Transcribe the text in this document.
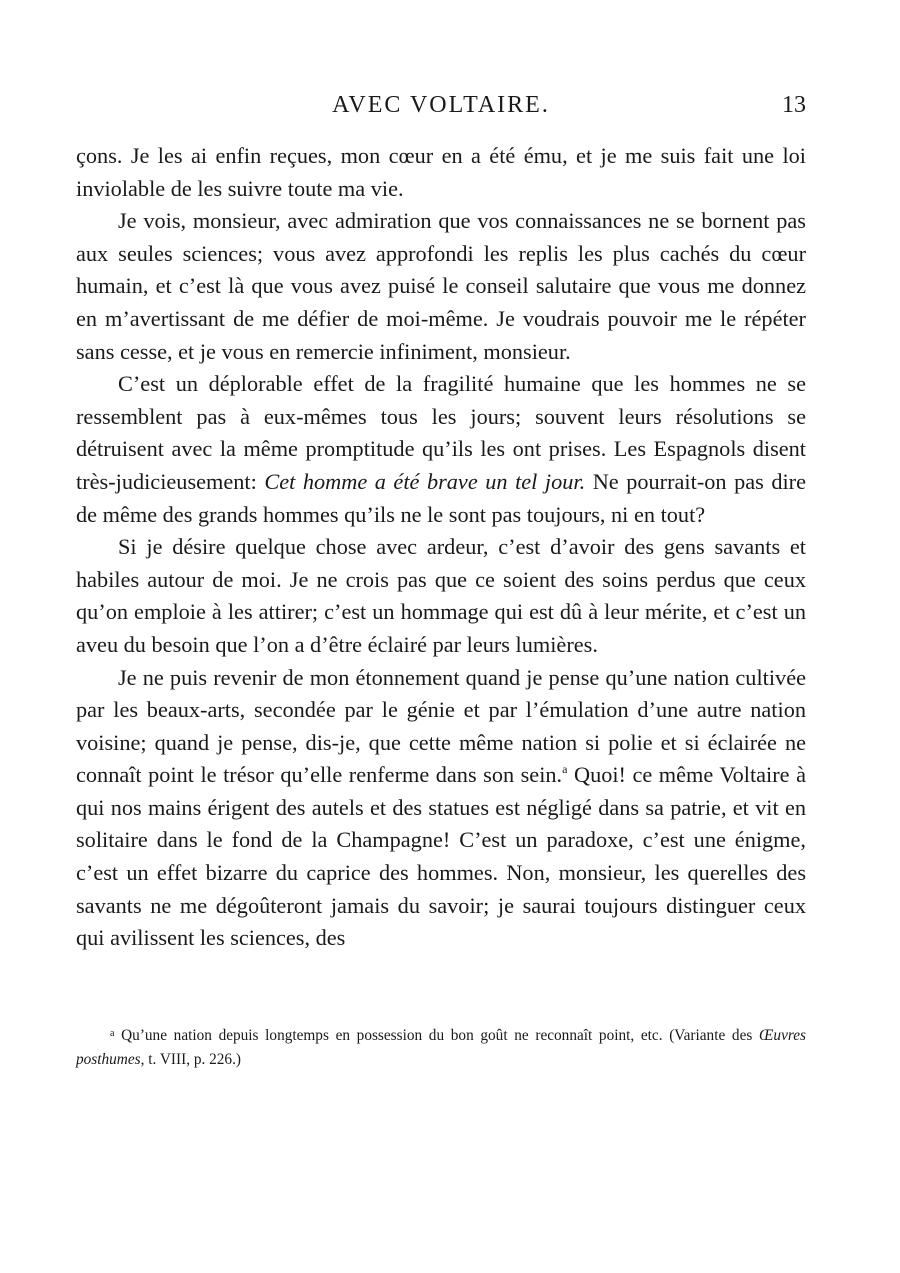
AVEC VOLTAIRE.	13

çons. Je les ai enfin reçues, mon cœur en a été ému, et je me suis fait une loi inviolable de les suivre toute ma vie.

Je vois, monsieur, avec admiration que vos connaissances ne se bornent pas aux seules sciences; vous avez approfondi les replis les plus cachés du cœur humain, et c’est là que vous avez puisé le conseil salutaire que vous me donnez en m’avertissant de me défier de moi-même. Je voudrais pouvoir me le répéter sans cesse, et je vous en remercie infiniment, monsieur.

C’est un déplorable effet de la fragilité humaine que les hommes ne se ressemblent pas à eux-mêmes tous les jours; souvent leurs résolutions se détruisent avec la même promptitude qu’ils les ont prises. Les Espagnols disent très-judicieusement: Cet homme a été brave un tel jour. Ne pourrait-on pas dire de même des grands hommes qu’ils ne le sont pas toujours, ni en tout?

Si je désire quelque chose avec ardeur, c’est d’avoir des gens savants et habiles autour de moi. Je ne crois pas que ce soient des soins perdus que ceux qu’on emploie à les attirer; c’est un hommage qui est dû à leur mérite, et c’est un aveu du besoin que l’on a d’être éclairé par leurs lumières.

Je ne puis revenir de mon étonnement quand je pense qu’une nation cultivée par les beaux-arts, secondée par le génie et par l’émulation d’une autre nation voisine; quand je pense, dis-je, que cette même nation si polie et si éclairée ne connaît point le trésor qu’elle renferme dans son sein.$^a$ Quoi! ce même Voltaire à qui nos mains érigent des autels et des statues est négligé dans sa patrie, et vit en solitaire dans le fond de la Champagne! C’est un paradoxe, c’est une énigme, c’est un effet bizarre du caprice des hommes. Non, monsieur, les querelles des savants ne me dégoûteront jamais du savoir; je saurai toujours distinguer ceux qui avilissent les sciences, des

$^a$ Qu’une nation depuis longtemps en possession du bon goût ne reconnaît point, etc. (Variante des Œuvres posthumes, t. VIII, p. 226.)
